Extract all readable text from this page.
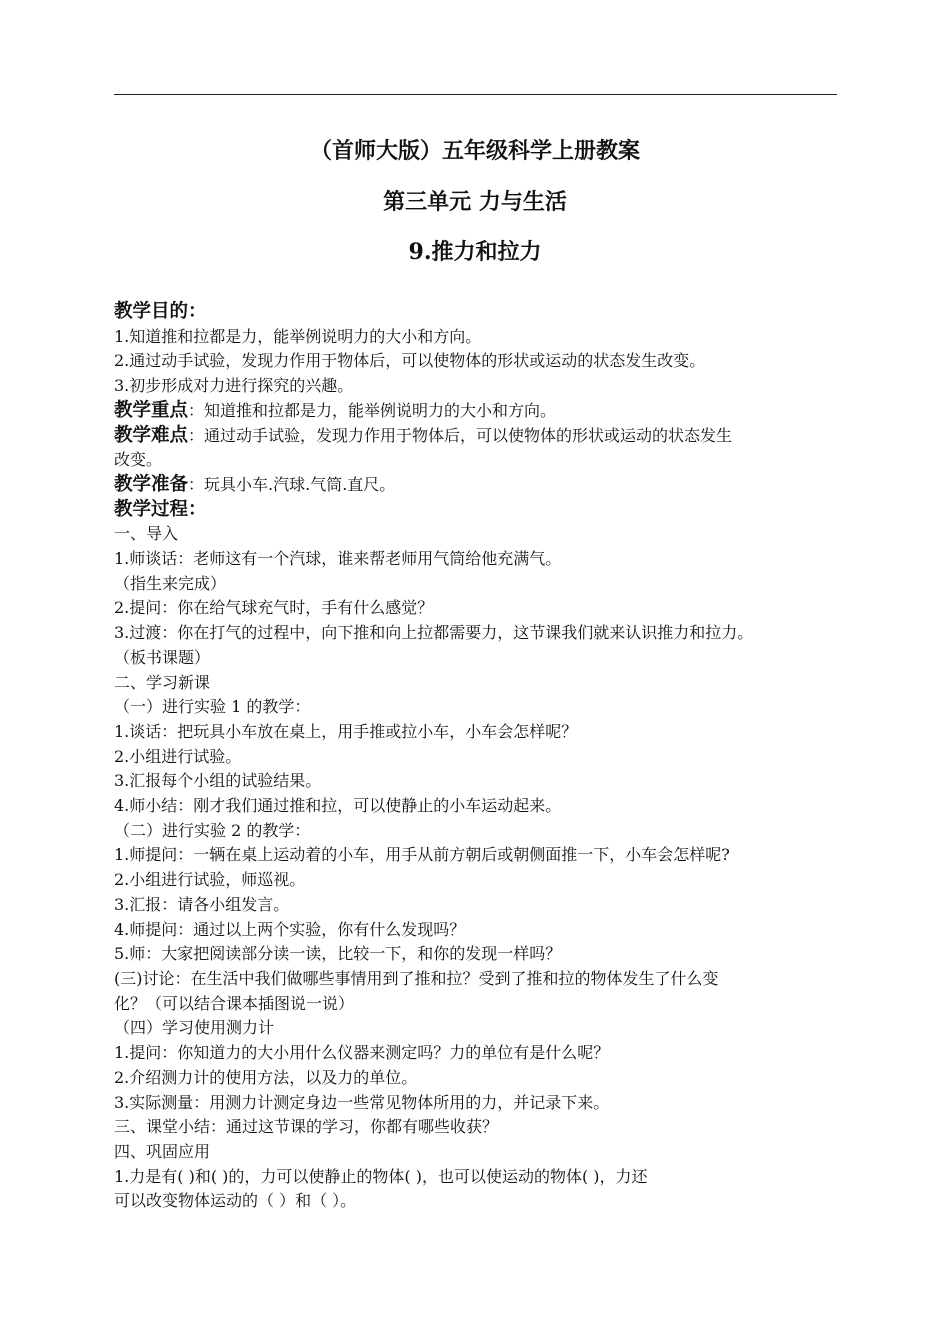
（首师大版）五年级科学上册教案
第三单元 力与生活
9.推力和拉力
教学目的：
1.知道推和拉都是力，能举例说明力的大小和方向。
2.通过动手试验，发现力作用于物体后，可以使物体的形状或运动的状态发生改变。
3.初步形成对力进行探究的兴趣。
教学重点：知道推和拉都是力，能举例说明力的大小和方向。
教学难点：通过动手试验，发现力作用于物体后，可以使物体的形状或运动的状态发生
改变。
教学准备：玩具小车.汽球.气筒.直尺。
教学过程：
一、导入
1.师谈话：老师这有一个汽球，谁来帮老师用气筒给他充满气。
（指生来完成）
2.提问：你在给气球充气时，手有什么感觉？
3.过渡：你在打气的过程中，向下推和向上拉都需要力，这节课我们就来认识推力和拉力。
（板书课题）
二、学习新课
（一）进行实验 1 的教学：
1.谈话：把玩具小车放在桌上，用手推或拉小车，小车会怎样呢？
2.小组进行试验。
3.汇报每个小组的试验结果。
4.师小结：刚才我们通过推和拉，可以使静止的小车运动起来。
（二）进行实验 2 的教学：
1.师提问：一辆在桌上运动着的小车，用手从前方朝后或朝侧面推一下，小车会怎样呢?
2.小组进行试验，师巡视。
3.汇报：请各小组发言。
4.师提问：通过以上两个实验，你有什么发现吗？
5.师：大家把阅读部分读一读，比较一下，和你的发现一样吗？
(三)讨论：在生活中我们做哪些事情用到了推和拉？受到了推和拉的物体发生了什么变
化？（可以结合课本插图说一说）
（四）学习使用测力计
1.提问：你知道力的大小用什么仪器来测定吗？力的单位有是什么呢？
2.介绍测力计的使用方法，以及力的单位。
3.实际测量：用测力计测定身边一些常见物体所用的力，并记录下来。
三、课堂小结：通过这节课的学习，你都有哪些收获？
四、巩固应用
1.力是有( )和( )的，力可以使静止的物体( )，也可以使运动的物体( )，力还
可以改变物体运动的（ ）和（ ）。
